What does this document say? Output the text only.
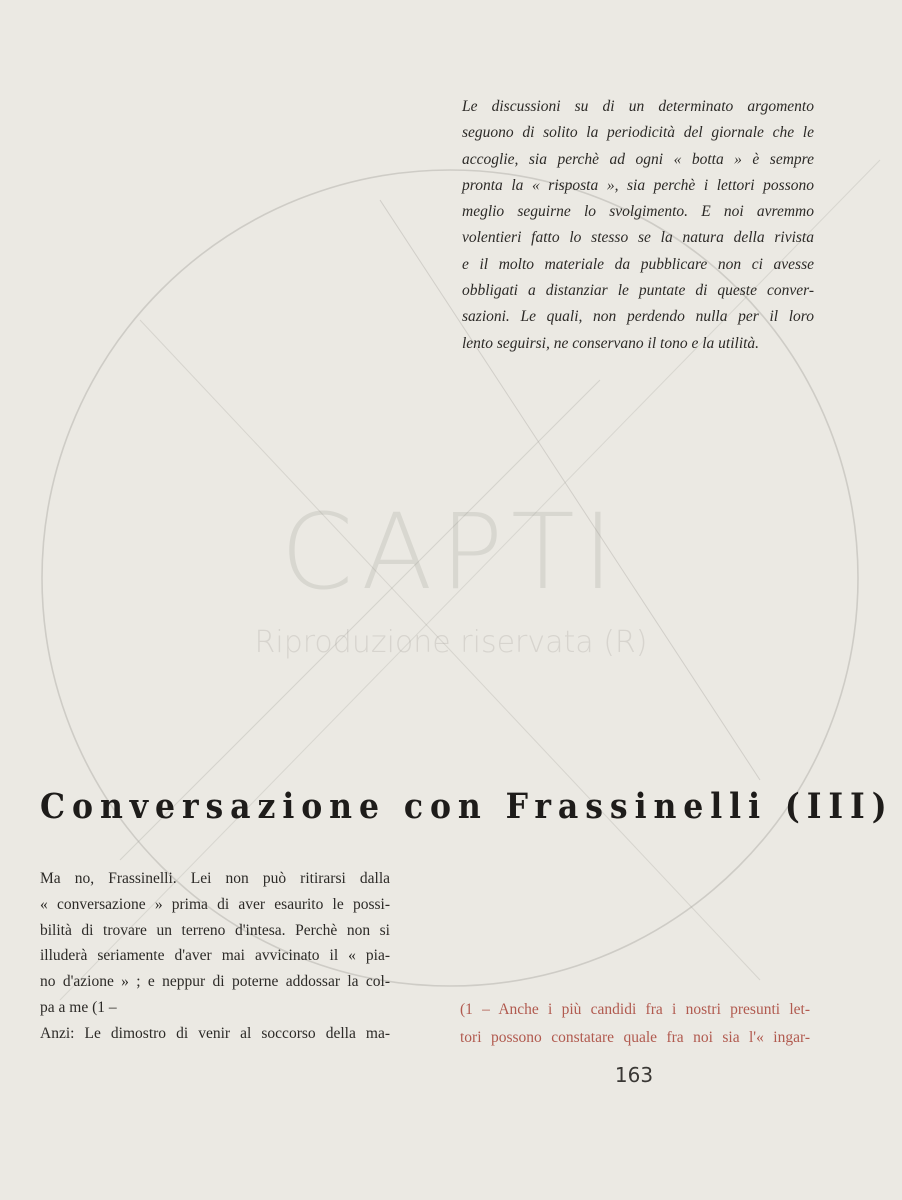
CAPTI
Riproduzione riservata (R)
Le discussioni su di un determinato argomento
seguono di solito la periodicità del giornale che le
accoglie, sia perchè ad ogni « botta » è sempre
pronta la « risposta », sia perchè i lettori possono
meglio seguirne lo svolgimento. E noi avremmo
volentieri fatto lo stesso se la natura della rivista
e il molto materiale da pubblicare non ci avesse
obbligati a distanziar le puntate di queste conver-
sazioni. Le quali, non perdendo nulla per il loro
lento seguirsi, ne conservano il tono e la utilità.
Conversazione con Frassinelli (III)
Ma no, Frassinelli. Lei non può ritirarsi dalla
« conversazione » prima di aver esaurito le possi-
bilità di trovare un terreno d'intesa. Perchè non si
illuderà seriamente d'aver mai avvicinato il « pia-
no d'azione » ; e neppur di poterne addossar la col-
pa a me (1 –
Anzi: Le dimostro di venir al soccorso della ma-
(1 – Anche i più candidi fra i nostri presunti let-
tori possono constatare quale fra noi sia l'« ingar-
163
